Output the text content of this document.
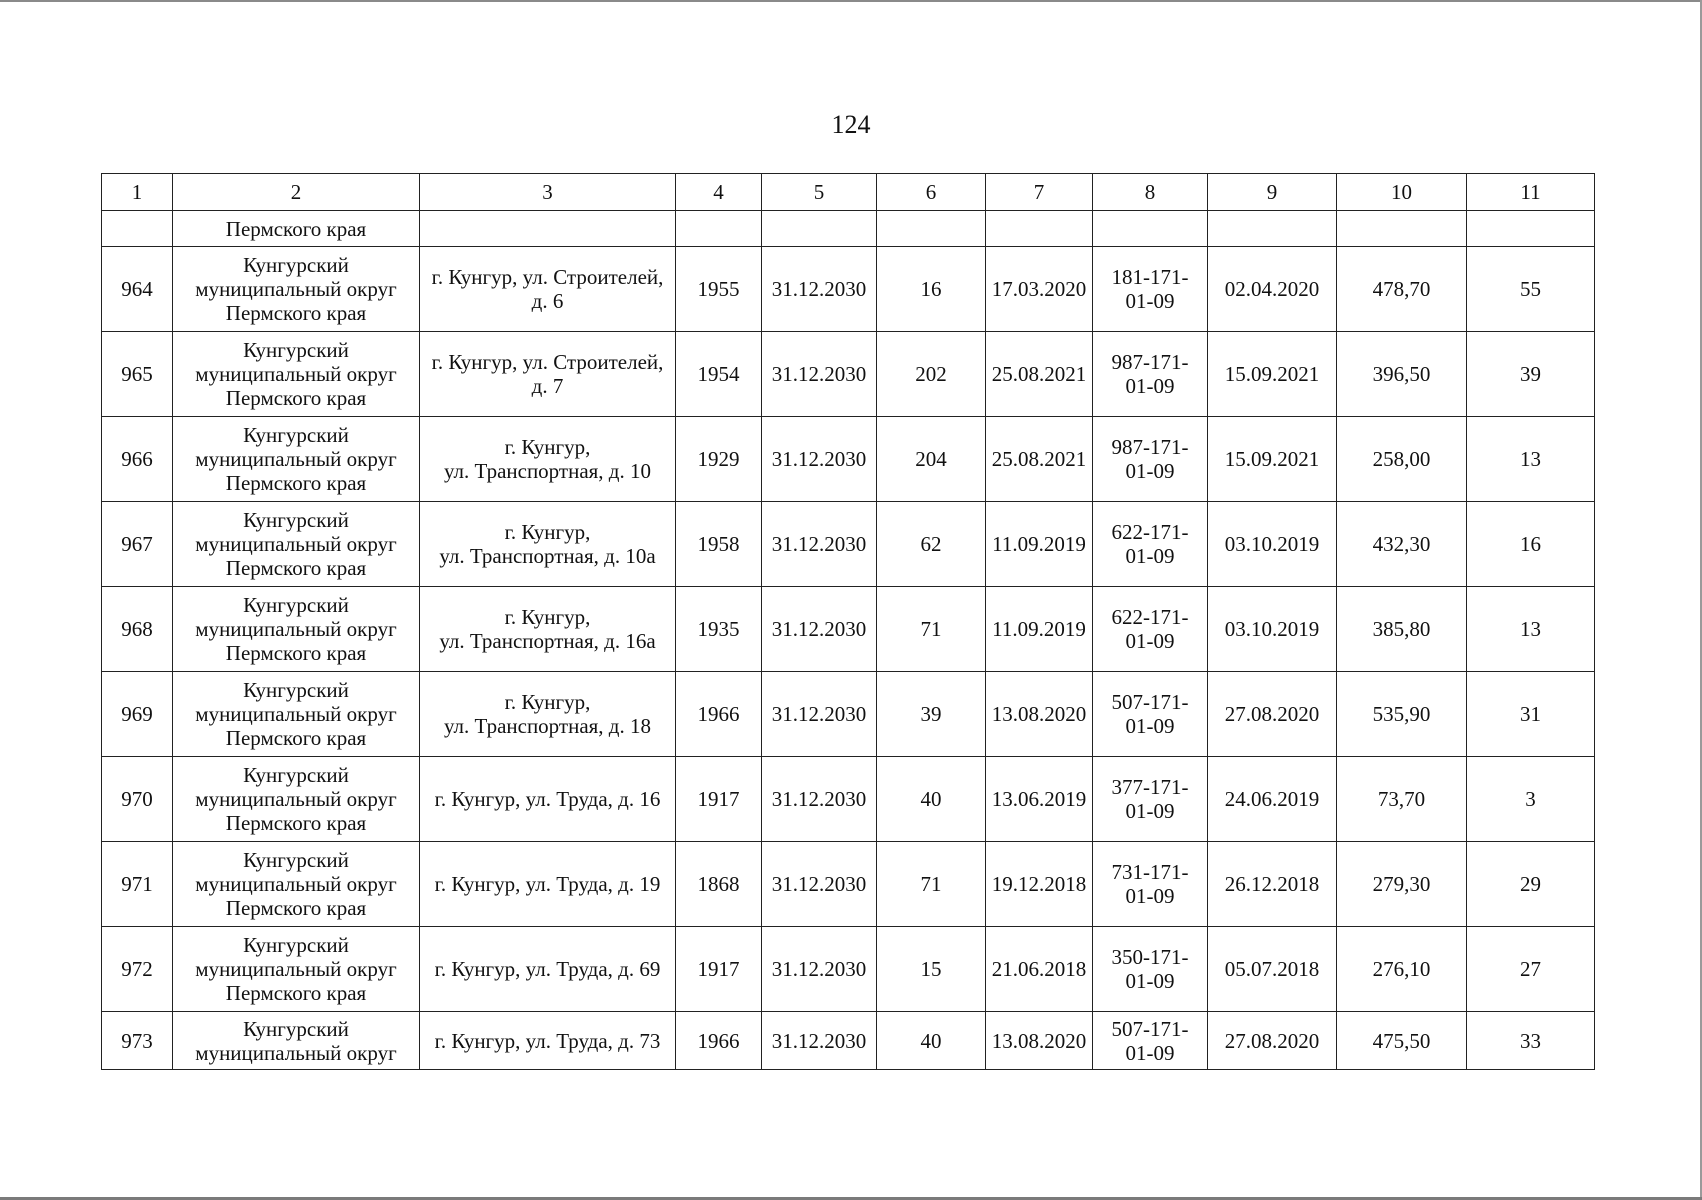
124
1	2	3	4	5	6	7	8	9	10	11
	Пермского края									
964	Кунгурский
муниципальный округ
Пермского края	г. Кунгур, ул. Строителей,
д. 6	1955	31.12.2030	16	17.03.2020	181-171-
01-09	02.04.2020	478,70	55
965	Кунгурский
муниципальный округ
Пермского края	г. Кунгур, ул. Строителей,
д. 7	1954	31.12.2030	202	25.08.2021	987-171-
01-09	15.09.2021	396,50	39
966	Кунгурский
муниципальный округ
Пермского края	г. Кунгур,
ул. Транспортная, д. 10	1929	31.12.2030	204	25.08.2021	987-171-
01-09	15.09.2021	258,00	13
967	Кунгурский
муниципальный округ
Пермского края	г. Кунгур,
ул. Транспортная, д. 10а	1958	31.12.2030	62	11.09.2019	622-171-
01-09	03.10.2019	432,30	16
968	Кунгурский
муниципальный округ
Пермского края	г. Кунгур,
ул. Транспортная, д. 16а	1935	31.12.2030	71	11.09.2019	622-171-
01-09	03.10.2019	385,80	13
969	Кунгурский
муниципальный округ
Пермского края	г. Кунгур,
ул. Транспортная, д. 18	1966	31.12.2030	39	13.08.2020	507-171-
01-09	27.08.2020	535,90	31
970	Кунгурский
муниципальный округ
Пермского края	г. Кунгур, ул. Труда, д. 16	1917	31.12.2030	40	13.06.2019	377-171-
01-09	24.06.2019	73,70	3
971	Кунгурский
муниципальный округ
Пермского края	г. Кунгур, ул. Труда, д. 19	1868	31.12.2030	71	19.12.2018	731-171-
01-09	26.12.2018	279,30	29
972	Кунгурский
муниципальный округ
Пермского края	г. Кунгур, ул. Труда, д. 69	1917	31.12.2030	15	21.06.2018	350-171-
01-09	05.07.2018	276,10	27
973	Кунгурский
муниципальный округ	г. Кунгур, ул. Труда, д. 73	1966	31.12.2030	40	13.08.2020	507-171-
01-09	27.08.2020	475,50	33
